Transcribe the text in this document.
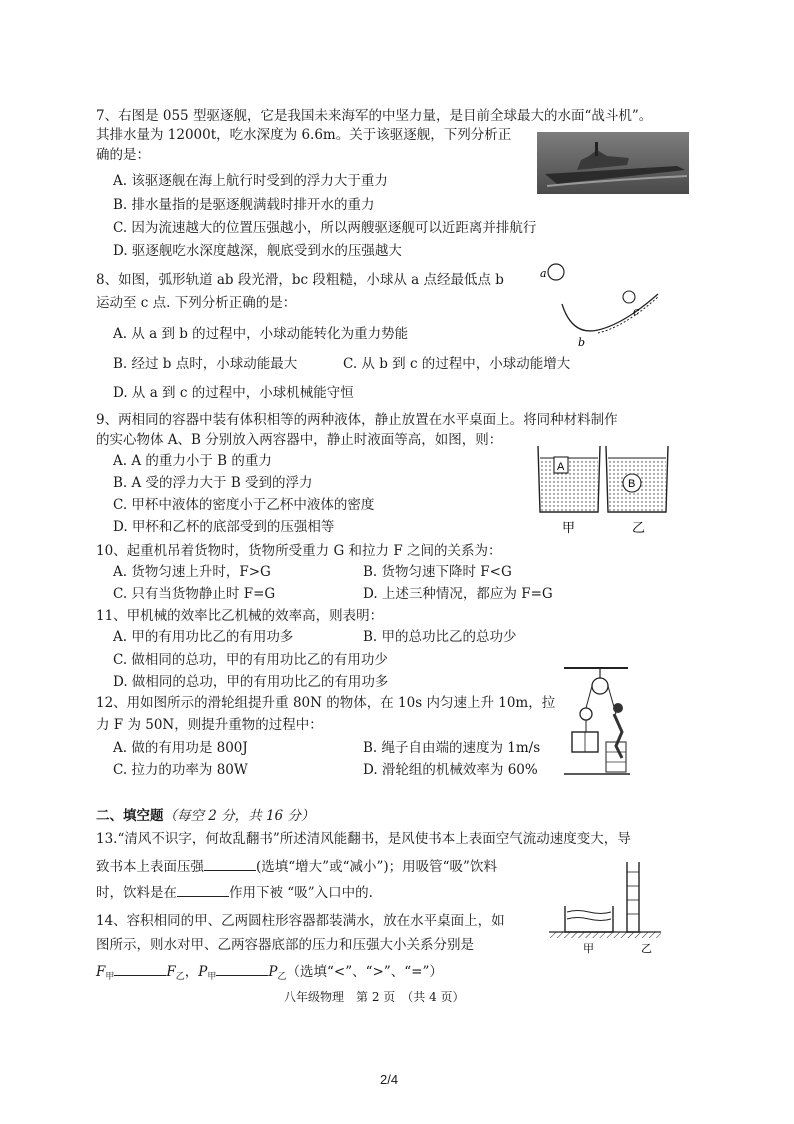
7、右图是 055 型驱逐舰，它是我国未来海军的中坚力量，是目前全球最大的水面“战斗机”。
其排水量为 12000t，吃水深度为 6.6m。关于该驱逐舰，下列分析正
确的是：
A. 该驱逐舰在海上航行时受到的浮力大于重力
B. 排水量指的是驱逐舰满载时排开水的重力
C. 因为流速越大的位置压强越小，所以两艘驱逐舰可以近距离并排航行
D. 驱逐舰吃水深度越深，舰底受到水的压强越大
8、如图，弧形轨道 ab 段光滑，bc 段粗糙，小球从 a 点经最低点 b
运动至 c 点. 下列分析正确的是：
A. 从 a 到 b 的过程中，小球动能转化为重力势能
B. 经过 b 点时，小球动能最大	C. 从 b 到 c 的过程中，小球动能增大
D. 从 a 到 c 的过程中，小球机械能守恒
a
b
c
9、两相同的容器中装有体积相等的两种液体，静止放置在水平桌面上。将同种材料制作
的实心物体 A、B 分别放入两容器中，静止时液面等高，如图，则：
A. A 的重力小于 B 的重力
B. A 受的浮力大于 B 受到的浮力
C. 甲杯中液体的密度小于乙杯中液体的密度
D. 甲杯和乙杯的底部受到的压强相等
A
B
甲	乙
10、起重机吊着货物时，货物所受重力 G 和拉力 F 之间的关系为：
A. 货物匀速上升时，F>G	B. 货物匀速下降时 F<G
C. 只有当货物静止时 F=G	D. 上述三种情况，都应为 F=G
11、甲机械的效率比乙机械的效率高，则表明：
A. 甲的有用功比乙的有用功多	B. 甲的总功比乙的总功少
C. 做相同的总功，甲的有用功比乙的有用功少
D. 做相同的总功，甲的有用功比乙的有用功多
12、用如图所示的滑轮组提升重 80N 的物体，在 10s 内匀速上升 10m，拉
力 F 为 50N，则提升重物的过程中：
A. 做的有用功是 800J	B. 绳子自由端的速度为 1m/s
C. 拉力的功率为 80W	D. 滑轮组的机械效率为 60%
二、填空题（每空 2 分，共 16 分）
13.“清风不识字，何故乱翻书”所述清风能翻书，是风使书本上表面空气流动速度变大，导
致书本上表面压强	(选填“增大”或“减小”)；用吸管“吸”饮料
时，饮料是在	作用下被 “吸”入口中的.
14、容积相同的甲、乙两圆柱形容器都装满水，放在水平桌面上，如
图所示，则水对甲、乙两容器底部的压力和压强大小关系分别是
$F_甲$	$F_乙$，$P_甲$	$P_乙$（选填“<”、“>”、“=”）
甲	乙
八年级物理　第 2 页　（共 4 页）
2/4
